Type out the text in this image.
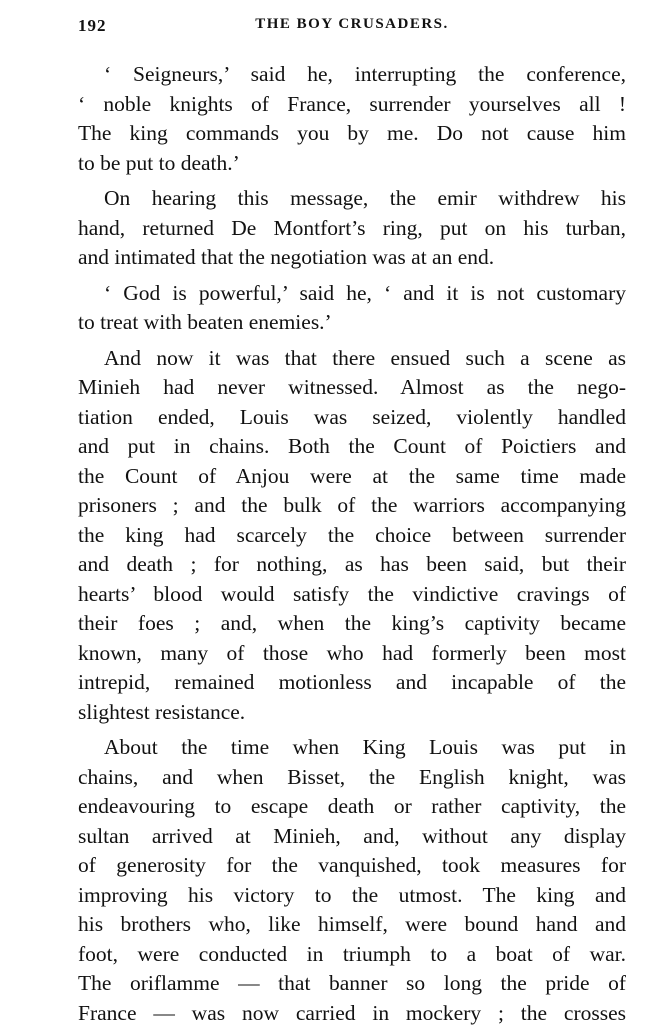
192	THE BOY CRUSADERS.
‘ Seigneurs,’ said he, interrupting the conference,
‘ noble knights of France, surrender yourselves all !
The king commands you by me. Do not cause him
to be put to death.’
On hearing this message, the emir withdrew his
hand, returned De Montfort’s ring, put on his turban,
and intimated that the negotiation was at an end.
‘ God is powerful,’ said he, ‘ and it is not customary
to treat with beaten enemies.’
And now it was that there ensued such a scene as
Minieh had never witnessed. Almost as the nego-
tiation ended, Louis was seized, violently handled
and put in chains. Both the Count of Poictiers and
the Count of Anjou were at the same time made
prisoners ; and the bulk of the warriors accompanying
the king had scarcely the choice between surrender
and death ; for nothing, as has been said, but their
hearts’ blood would satisfy the vindictive cravings of
their foes ; and, when the king’s captivity became
known, many of those who had formerly been most
intrepid, remained motionless and incapable of the
slightest resistance.
About the time when King Louis was put in
chains, and when Bisset, the English knight, was
endeavouring to escape death or rather captivity, the
sultan arrived at Minieh, and, without any display
of generosity for the vanquished, took measures for
improving his victory to the utmost. The king and
his brothers who, like himself, were bound hand and
foot, were conducted in triumph to a boat of war.
The oriflamme — that banner so long the pride of
France — was now carried in mockery ; the crosses
